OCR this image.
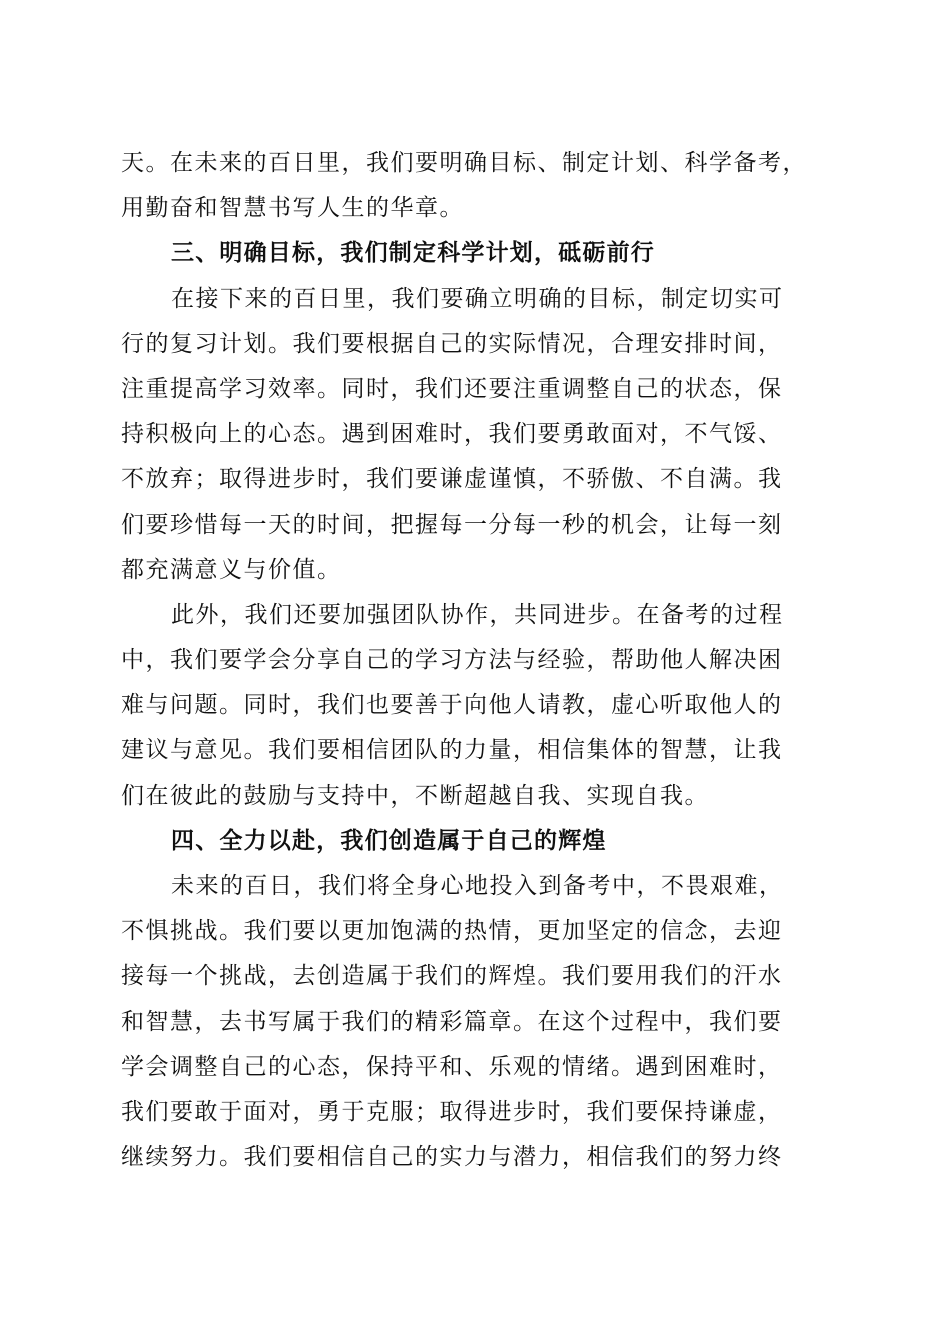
天。在未来的百日里，我们要明确目标、制定计划、科学备考，
用勤奋和智慧书写人生的华章。
三、明确目标，我们制定科学计划，砥砺前行
在接下来的百日里，我们要确立明确的目标，制定切实可
行的复习计划。我们要根据自己的实际情况，合理安排时间，
注重提高学习效率。同时，我们还要注重调整自己的状态，保
持积极向上的心态。遇到困难时，我们要勇敢面对，不气馁、
不放弃；取得进步时，我们要谦虚谨慎，不骄傲、不自满。我
们要珍惜每一天的时间，把握每一分每一秒的机会，让每一刻
都充满意义与价值。
此外，我们还要加强团队协作，共同进步。在备考的过程
中，我们要学会分享自己的学习方法与经验，帮助他人解决困
难与问题。同时，我们也要善于向他人请教，虚心听取他人的
建议与意见。我们要相信团队的力量，相信集体的智慧，让我
们在彼此的鼓励与支持中，不断超越自我、实现自我。
四、全力以赴，我们创造属于自己的辉煌
未来的百日，我们将全身心地投入到备考中，不畏艰难，
不惧挑战。我们要以更加饱满的热情，更加坚定的信念，去迎
接每一个挑战，去创造属于我们的辉煌。我们要用我们的汗水
和智慧，去书写属于我们的精彩篇章。在这个过程中，我们要
学会调整自己的心态，保持平和、乐观的情绪。遇到困难时，
我们要敢于面对，勇于克服；取得进步时，我们要保持谦虚，
继续努力。我们要相信自己的实力与潜力，相信我们的努力终
